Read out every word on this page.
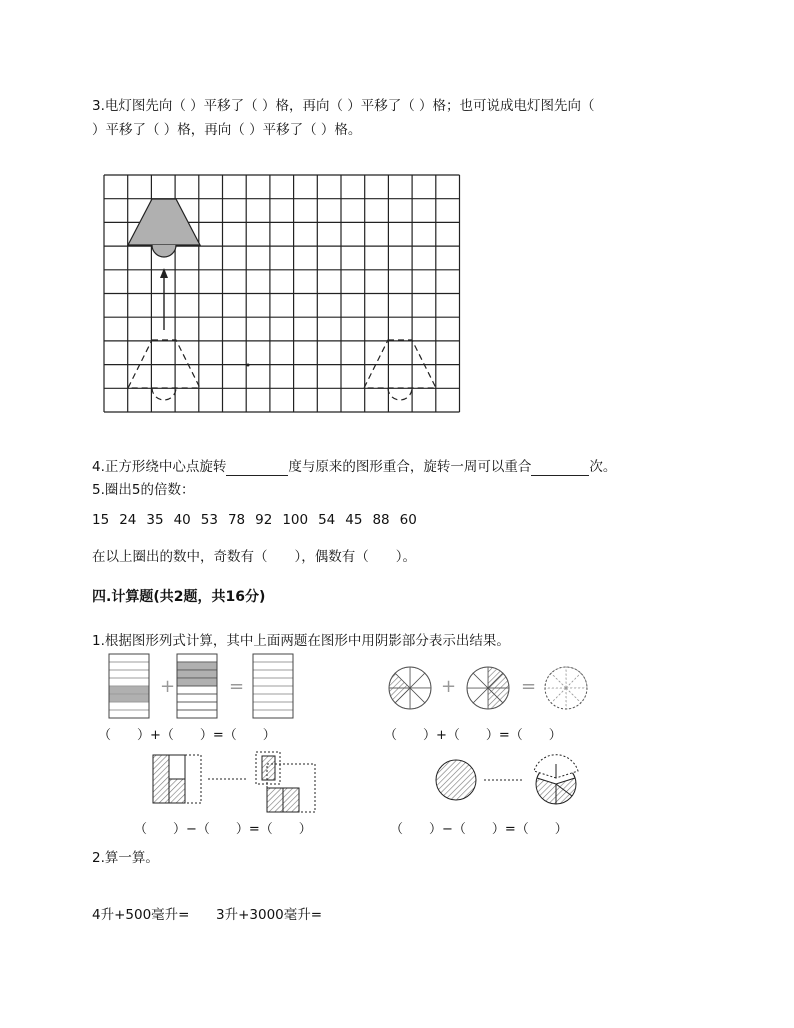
3.电灯图先向（ ）平移了（ ）格，再向（ ）平移了（ ）格；也可说成电灯图先向（
）平移了（ ）格，再向（ ）平移了（ ）格。
4.正方形绕中心点旋转	度与原来的图形重合，旋转一周可以重合	次。
5.圈出5的倍数：
15 24 35 40 53 78 92 100 54 45 88 60
在以上圈出的数中，奇数有（　　），偶数有（　　）。
四.计算题(共2题，共16分)
1.根据图形列式计算，其中上面两题在图形中用阴影部分表示出结果。
+	=	+	=
（　　）+（　　）=（　　）	（　　）+（　　）=（　　）
（　　）−（　　）=（　　）	（　　）−（　　）=（　　）
2.算一算。
4升+500毫升= 3升+3000毫升=
